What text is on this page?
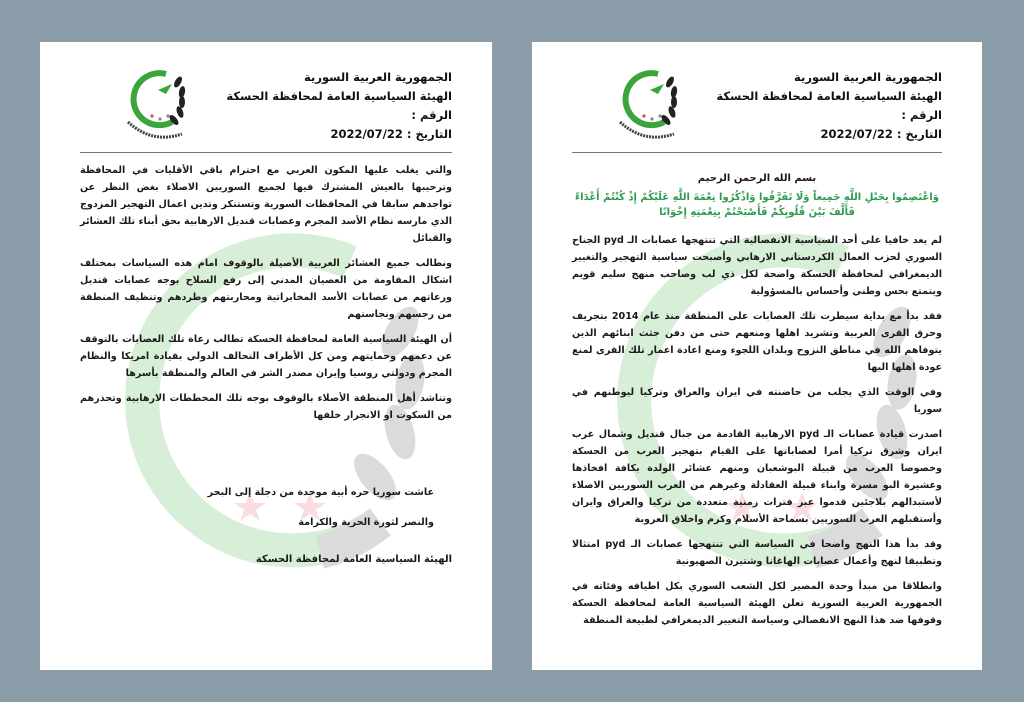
الجمهورية العربية السورية
الهيئة السياسية العامة لمحافظة الحسكة
الرقم :
التاريخ : 2022/07/22

والتي يغلب عليها المكون العربي مع احترام باقي الأقليات في المحافظة وترحيبها بالعيش المشترك فيها لجميع السوريين الاصلاء بغض النظر عن تواجدهم سابقا في المحافظات السورية وتستنكر وتدين اعمال التهجير المزدوج الذي مارسه نظام الأسد المجرم وعصابات قنديل الارهابية بحق أبناء تلك العشائر والقبائل

ونطالب جميع العشائر العربية الأصيلة بالوقوف امام هذه السياسات بمختلف اشكال المقاومة من العصيان المدني إلى رفع السلاح بوجه عصابات قنديل ورعاتهم من عصابات الأسد المخابراتية ومحاربتهم وطردهم وتنظيف المنطقة من رجسهم ونجاستهم

أن الهيئة السياسية العامة لمحافظة الحسكة تطالب رعاة تلك العصابات بالتوقف عن دعمهم وحمايتهم ومن كل الأطراف التحالف الدولي بقيادة امريكا والنظام المجرم ودولتي روسيا وإيران مصدر الشر في العالم والمنطقة بأسرها

وتناشد أهل المنطقة الأصلاء بالوقوف بوجه تلك المخططات الارهابية وتحذرهم من السكوت او الانجرار خلفها

عاشت سوريا حره أبية موحدة من دجلة إلى البحر

والنصر لثورة الحرية والكرامة

الهيئة السياسية العامة لمحافظة الحسكة
الجمهورية العربية السورية
الهيئة السياسية العامة لمحافظة الحسكة
الرقم :
التاريخ : 2022/07/22
بسم الله الرحمن الرحيم
وَاعْتَصِمُوا بِحَبْلِ اللَّهِ جَمِيعاً وَلَا تَفَرَّقُوا وَاذْكُرُوا نِعْمَةَ اللَّهِ عَلَيْكُمْ إِذْ كُنْتُمْ أَعْدَاءً فَأَلَّفَ بَيْنَ قُلُوبِكُمْ فَأَصْبَحْتُمْ بِنِعْمَتِهِ إِخْوَانًا

لم يعد خافيا على أحد السياسية الانفصالية التي تنتهجها عصابات الـ pyd الجناح السوري لحزب العمال الكردستاني الارهابي وأصبحت سياسية التهجير والتغيير الديمغرافي لمحافظة الحسكة واضحة لكل ذي لب وصاحب منهج سليم قويم ويتمتع بحس وطني وأحساس بالمسؤولية

فقد بدأ مع بداية سيطرت تلك العصابات على المنطقة منذ عام 2014 بتجريف وحرق القرى العربية وتشريد اهلها ومنعهم حتى من دفن جثث ابنائهم الذين يتوفاهم الله في مناطق النزوح وبلدان اللجوء ومنع اعادة اعمار تلك القرى لمنع عودة اهلها اليها

وفي الوقت الذي يجلب من حاضنته في ايران والعراق وتركيا ليوطنهم في سوريا

اصدرت قيادة عصابات الـ pyd الارهابية القادمة من جبال قنديل وشمال غرب ايران وشرق تركيا أمرا لعصاباتها على القيام بتهجير العرب من الحسكة وخصوصا العرب من قبيلة البوشعبان ومنهم عشائر الولدة بكافة افخاذها وعشيرة البو مسرة وابناء قبيلة العقادلة وغيرهم من العرب السوريين الاصلاء لأستبدالهم بلاجئين قدموا عبر فترات زمنية متعددة من تركيا والعراق وايران وأستقبلهم العرب السوريين بسماحة الأسلام وكرم واخلاق العروبة

وقد بدأ هذا النهج واضحا في السياسة التي تنتهجها عصابات الـ pyd امتثالا وتطبيقا لنهج وأعمال عصابات الهاغانا وشتيرن الصهيونية

وانطلاقا من مبدأ وحدة المصير لكل الشعب السوري بكل اطيافه وفئاته في الجمهورية العربية السورية تعلن الهيئة السياسية العامة لمحافظة الحسكة وقوفها ضد هذا النهج الانفصالي وسياسة التغيير الديمغرافي لطبيعة المنطقة
